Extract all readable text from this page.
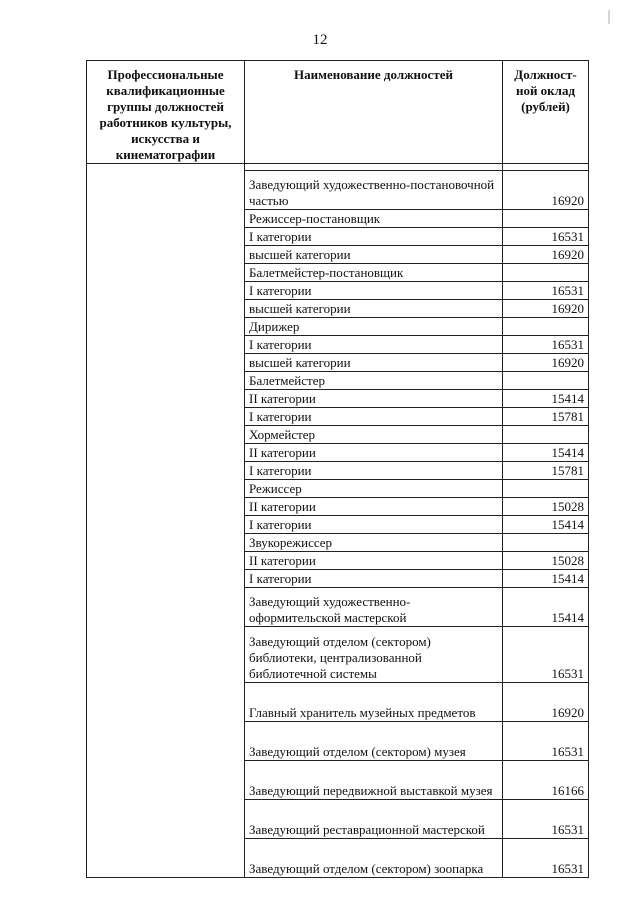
12
Профессиональные квалификационные группы должностей работников культуры, искусства и кинематографии	Наименование должностей	Должност-ной оклад (рублей)

	Заведующий художественно-постановочной частью	16920
	Режиссер-постановщик	
	I категории	16531
	высшей категории	16920
	Балетмейстер-постановщик	
	I категории	16531
	высшей категории	16920
	Дирижер	
	I категории	16531
	высшей категории	16920
	Балетмейстер	
	II категории	15414
	I категории	15781
	Хормейстер	
	II категории	15414
	I категории	15781
	Режиссер	
	II категории	15028
	I категории	15414
	Звукорежиссер	
	II категории	15028
	I категории	15414
	Заведующий художественно-оформительской мастерской	15414
	Заведующий отделом (сектором) библиотеки, централизованной библиотечной системы	16531
	Главный хранитель музейных предметов	16920
	Заведующий отделом (сектором) музея	16531
	Заведующий передвижной выставкой музея	16166
	Заведующий реставрационной мастерской	16531
	Заведующий отделом (сектором) зоопарка	16531
